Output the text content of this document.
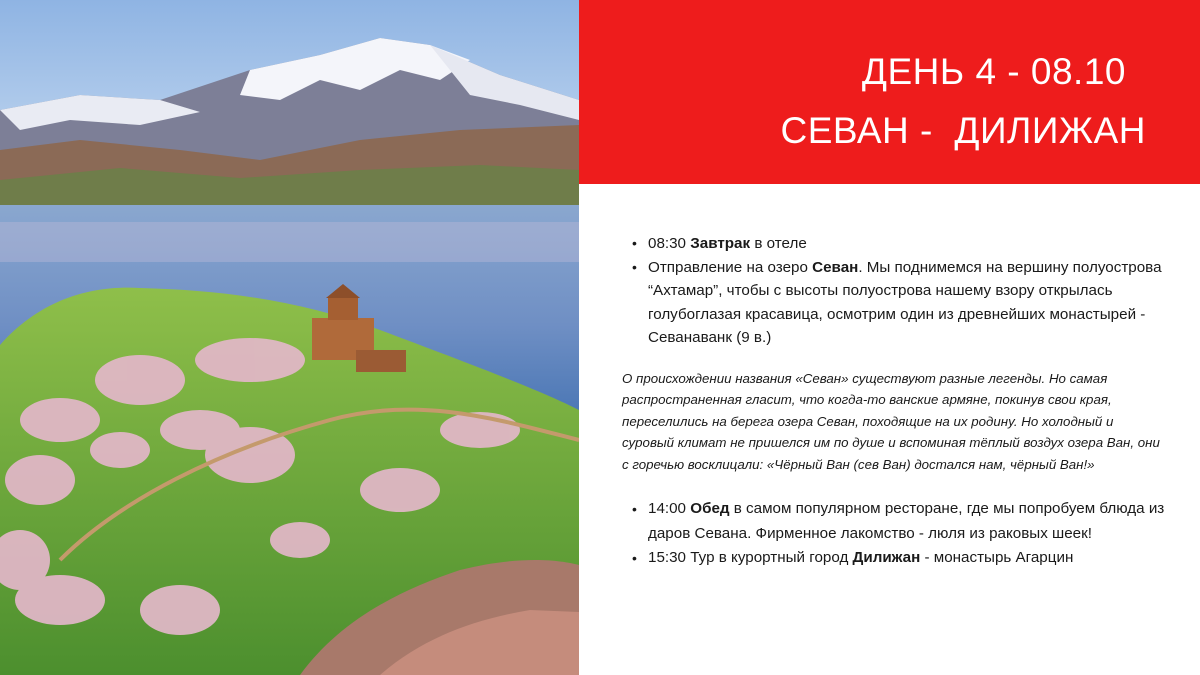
ДЕНЬ 4 - 08.10
СЕВАН -  ДИЛИЖАН
• 08:30 Завтрак в отеле
• Отправление на озеро Севан. Мы поднимемся на вершину полуострова “Ахтамар”, чтобы с высоты полуострова нашему взору открылась голубоглазая красавица, осмотрим один из древнейших монастырей - Севанаванк (9 в.)
О происхождении названия «Севан» существуют разные легенды. Но самая распространенная гласит, что когда-то ванские армяне, покинув свои края, переселились на берега озера Севан, походящие на их родину. Но холодный и суровый климат не пришелся им по душе и вспоминая тёплый воздух озера Ван, они с горечью восклицали: «Чёрный Ван (сев Ван) достался нам, чёрный Ван!»
• 14:00 Обед в самом популярном ресторане, где мы попробуем блюда из даров Севана. Фирменное лакомство - люля из раковых шеек!
• 15:30 Тур в курортный город Дилижан - монастырь Агарцин
